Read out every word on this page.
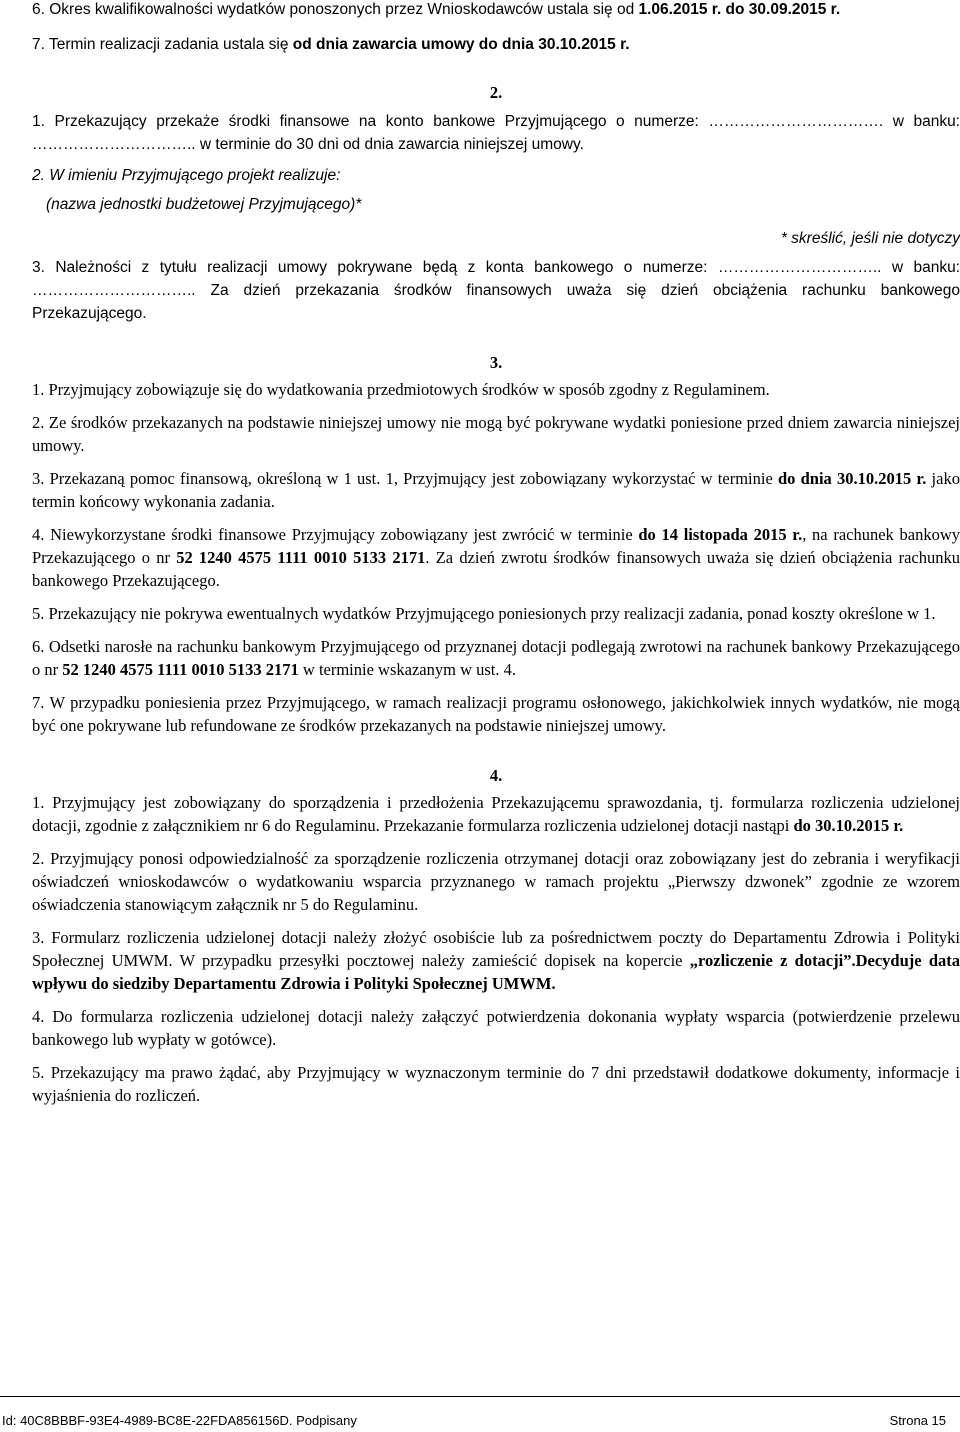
6. Okres kwalifikowalności wydatków ponoszonych przez Wnioskodawców ustala się od 1.06.2015 r. do 30.09.2015 r.

7. Termin realizacji zadania ustala się od dnia zawarcia umowy do dnia 30.10.2015 r.

2.

1. Przekazujący przekaże środki finansowe na konto bankowe Przyjmującego o numerze: ……………………………. w banku: ………………………….. w terminie do 30 dni od dnia zawarcia niniejszej umowy.

2. W imieniu Przyjmującego projekt realizuje:

(nazwa jednostki budżetowej Przyjmującego)*

* skreślić, jeśli nie dotyczy

3. Należności z tytułu realizacji umowy pokrywane będą z konta bankowego o numerze: ………………………….. w banku: ………………………….. Za dzień przekazania środków finansowych uważa się dzień obciążenia rachunku bankowego Przekazującego.

3.

1. Przyjmujący zobowiązuje się do wydatkowania przedmiotowych środków w sposób zgodny z Regulaminem.

2. Ze środków przekazanych na podstawie niniejszej umowy nie mogą być pokrywane wydatki poniesione przed dniem zawarcia niniejszej umowy.

3. Przekazaną pomoc finansową, określoną w 1 ust. 1, Przyjmujący jest zobowiązany wykorzystać w terminie do dnia 30.10.2015 r. jako termin końcowy wykonania zadania.

4. Niewykorzystane środki finansowe Przyjmujący zobowiązany jest zwrócić w terminie do 14 listopada 2015 r., na rachunek bankowy Przekazującego o nr 52 1240 4575 1111 0010 5133 2171. Za dzień zwrotu środków finansowych uważa się dzień obciążenia rachunku bankowego Przekazującego.

5. Przekazujący nie pokrywa ewentualnych wydatków Przyjmującego poniesionych przy realizacji zadania, ponad koszty określone w 1.

6. Odsetki narosłe na rachunku bankowym Przyjmującego od przyznanej dotacji podlegają zwrotowi na rachunek bankowy Przekazującego o nr 52 1240 4575 1111 0010 5133 2171 w terminie wskazanym w ust. 4.

7. W przypadku poniesienia przez Przyjmującego, w ramach realizacji programu osłonowego, jakichkolwiek innych wydatków, nie mogą być one pokrywane lub refundowane ze środków przekazanych na podstawie niniejszej umowy.

4.

1. Przyjmujący jest zobowiązany do sporządzenia i przedłożenia Przekazującemu sprawozdania, tj. formularza rozliczenia udzielonej dotacji, zgodnie z załącznikiem nr 6 do Regulaminu. Przekazanie formularza rozliczenia udzielonej dotacji nastąpi do 30.10.2015 r.

2. Przyjmujący ponosi odpowiedzialność za sporządzenie rozliczenia otrzymanej dotacji oraz zobowiązany jest do zebrania i weryfikacji oświadczeń wnioskodawców o wydatkowaniu wsparcia przyznanego w ramach projektu „Pierwszy dzwonek” zgodnie ze wzorem oświadczenia stanowiącym załącznik nr 5 do Regulaminu.

3. Formularz rozliczenia udzielonej dotacji należy złożyć osobiście lub za pośrednictwem poczty do Departamentu Zdrowia i Polityki Społecznej UMWM. W przypadku przesyłki pocztowej należy zamieścić dopisek na kopercie „rozliczenie z dotacji”.Decyduje data wpływu do siedziby Departamentu Zdrowia i Polityki Społecznej UMWM.

4. Do formularza rozliczenia udzielonej dotacji należy załączyć potwierdzenia dokonania wypłaty wsparcia (potwierdzenie przelewu bankowego lub wypłaty w gotówce).

5. Przekazujący ma prawo żądać, aby Przyjmujący w wyznaczonym terminie do 7 dni przedstawił dodatkowe dokumenty, informacje i wyjaśnienia do rozliczeń.

Id: 40C8BBBF-93E4-4989-BC8E-22FDA856156D. Podpisany	Strona 15
